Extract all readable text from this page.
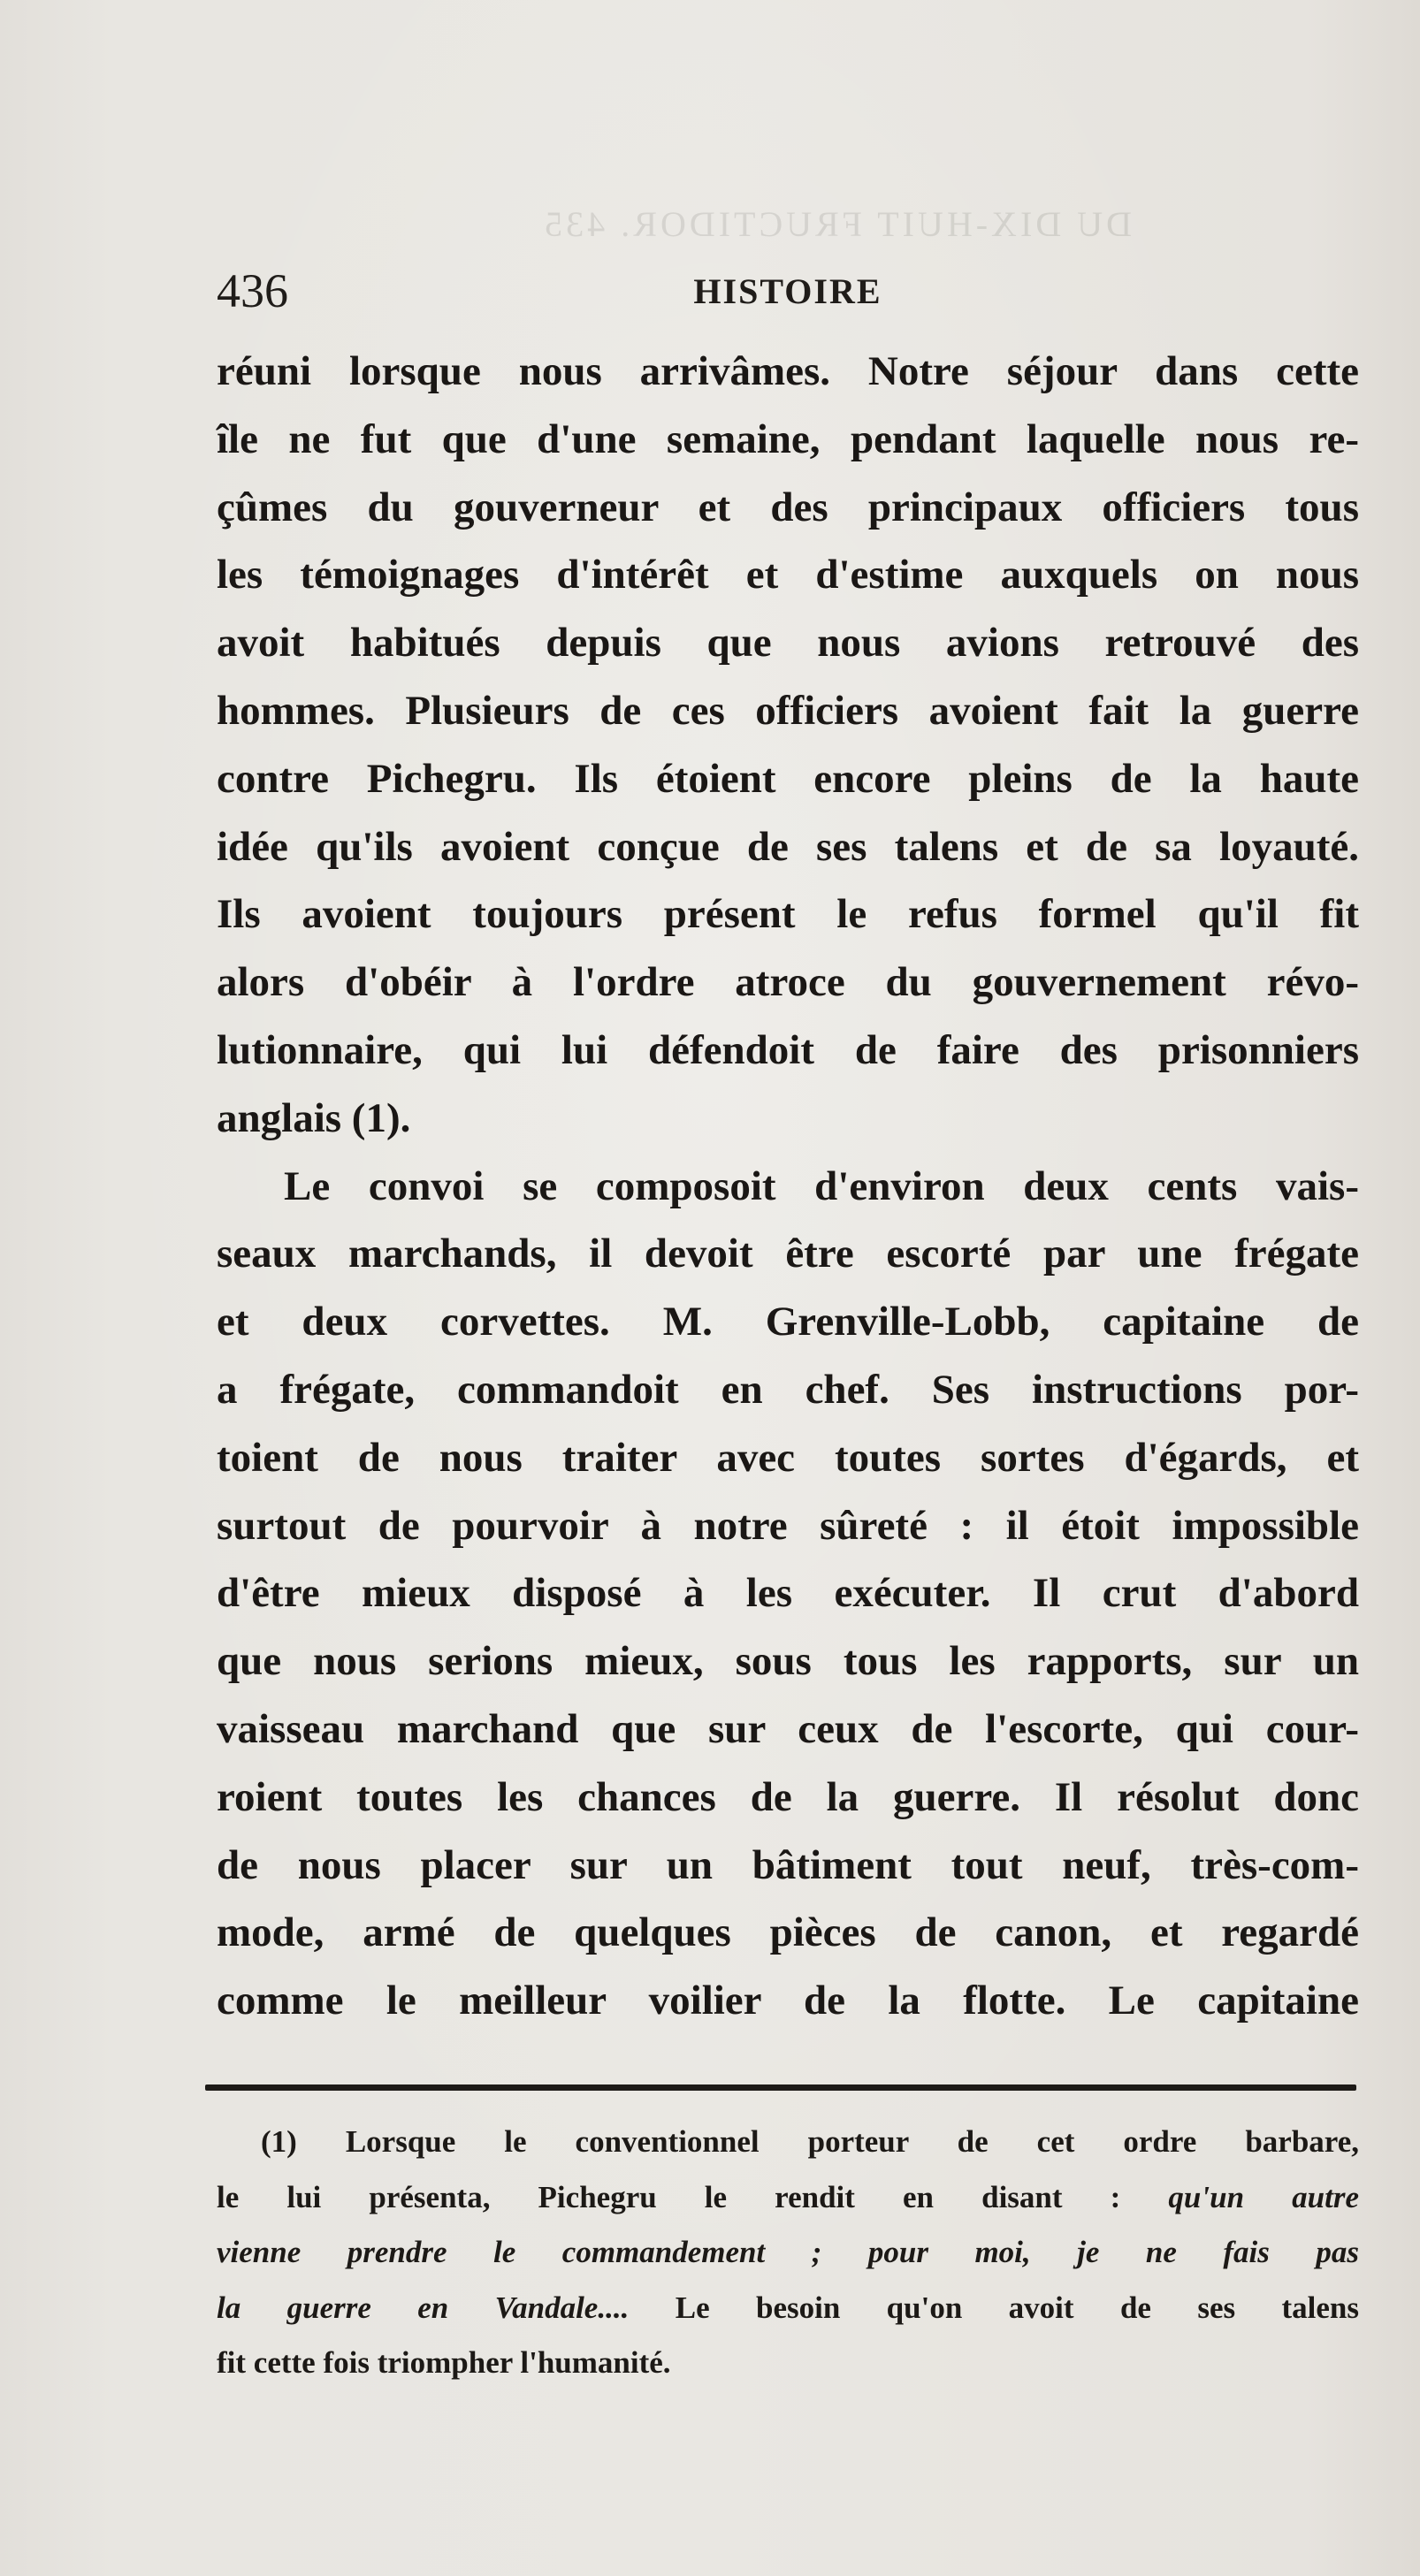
DU DIX-HUIT FRUCTIDOR. 435
436	HISTOIRE
réuni lorsque nous arrivâmes. Notre séjour dans cette
île ne fut que d'une semaine, pendant laquelle nous re-
çûmes du gouverneur et des principaux officiers tous
les témoignages d'intérêt et d'estime auxquels on nous
avoit habitués depuis que nous avions retrouvé des
hommes. Plusieurs de ces officiers avoient fait la guerre
contre Pichegru. Ils étoient encore pleins de la haute
idée qu'ils avoient conçue de ses talens et de sa loyauté.
Ils avoient toujours présent le refus formel qu'il fit
alors d'obéir à l'ordre atroce du gouvernement révo-
lutionnaire, qui lui défendoit de faire des prisonniers
anglais (1).
Le convoi se composoit d'environ deux cents vais-
seaux marchands, il devoit être escorté par une frégate
et deux corvettes. M. Grenville-Lobb, capitaine de
a frégate, commandoit en chef. Ses instructions por-
toient de nous traiter avec toutes sortes d'égards, et
surtout de pourvoir à notre sûreté : il étoit impossible
d'être mieux disposé à les exécuter. Il crut d'abord
que nous serions mieux, sous tous les rapports, sur un
vaisseau marchand que sur ceux de l'escorte, qui cour-
roient toutes les chances de la guerre. Il résolut donc
de nous placer sur un bâtiment tout neuf, très-com-
mode, armé de quelques pièces de canon, et regardé
comme le meilleur voilier de la flotte. Le capitaine
(1) Lorsque le conventionnel porteur de cet ordre barbare,
le lui présenta, Pichegru le rendit en disant : qu'un autre
vienne prendre le commandement ; pour moi, je ne fais pas
la guerre en Vandale.... Le besoin qu'on avoit de ses talens
fit cette fois triompher l'humanité.
